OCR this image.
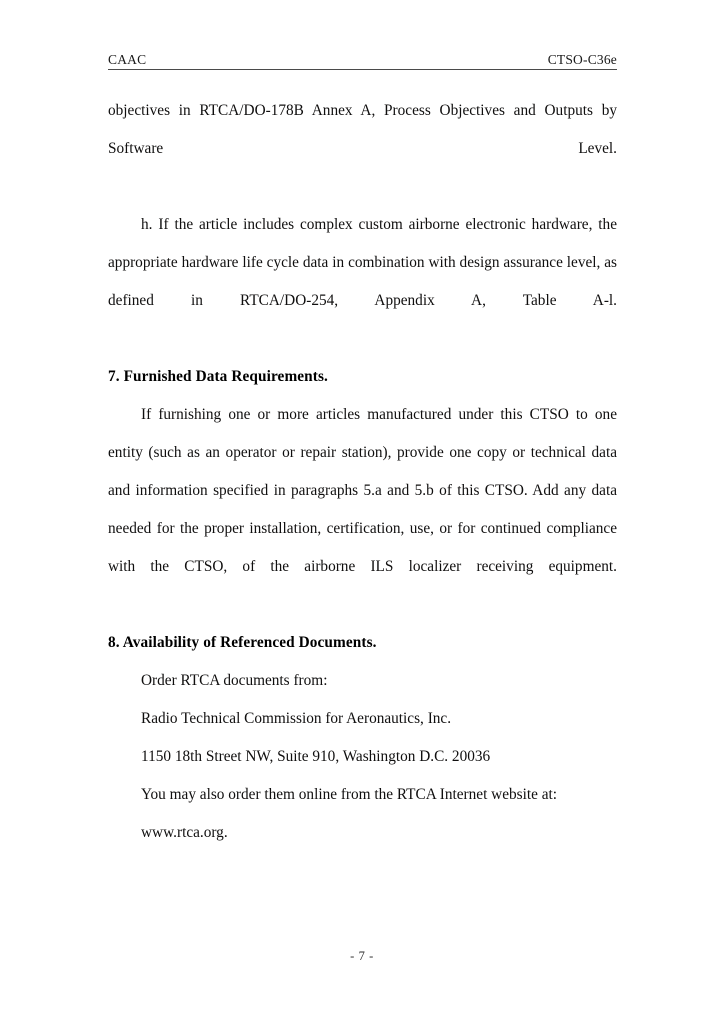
CAAC	CTSO-C36e

objectives in RTCA/DO-178B Annex A, Process Objectives and Outputs by Software Level.

h. If the article includes complex custom airborne electronic hardware, the appropriate hardware life cycle data in combination with design assurance level, as defined in RTCA/DO-254, Appendix A, Table A-l.

7. Furnished Data Requirements.

If furnishing one or more articles manufactured under this CTSO to one entity (such as an operator or repair station), provide one copy or technical data and information specified in paragraphs 5.a and 5.b of this CTSO. Add any data needed for the proper installation, certification, use, or for continued compliance with the CTSO, of the airborne ILS localizer receiving equipment.

8. Availability of Referenced Documents.
Order RTCA documents from:
Radio Technical Commission for Aeronautics, Inc.
1150 18th Street NW, Suite 910, Washington D.C. 20036
You may also order them online from the RTCA Internet website at:
www.rtca.org.
- 7 -
